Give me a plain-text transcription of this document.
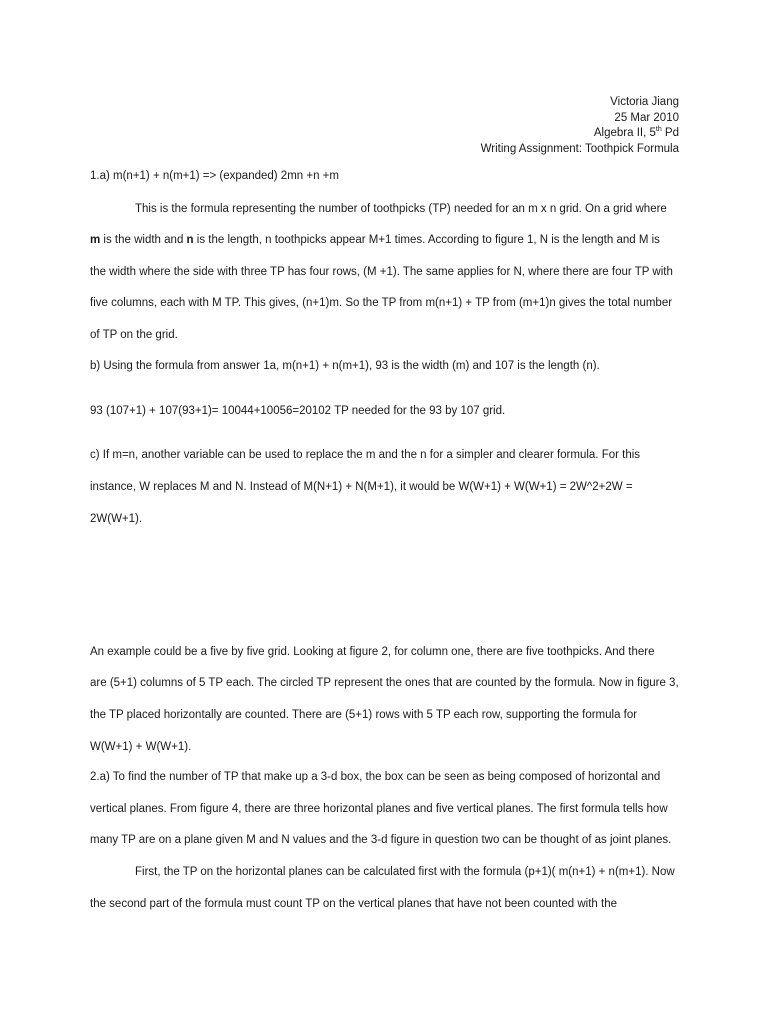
Victoria Jiang
25 Mar 2010
Algebra II, 5th Pd
Writing Assignment: Toothpick Formula
1.a) m(n+1) + n(m+1) => (expanded) 2mn +n +m
This is the formula representing the number of toothpicks (TP) needed for an m x n grid. On a grid where
m is the width and n is the length, n toothpicks appear M+1 times. According to figure 1, N is the length and M is
the width where the side with three TP has four rows, (M +1). The same applies for N, where there are four TP with
five columns, each with M TP. This gives, (n+1)m. So the TP from m(n+1) + TP from (m+1)n gives the total number
of TP on the grid.
b) Using the formula from answer 1a, m(n+1) + n(m+1), 93 is the width (m) and 107 is the length (n).
93 (107+1) + 107(93+1)= 10044+10056=20102 TP needed for the 93 by 107 grid.
c) If m=n, another variable can be used to replace the m and the n for a simpler and clearer formula. For this
instance, W replaces M and N. Instead of M(N+1) + N(M+1), it would be W(W+1) + W(W+1) = 2W^2+2W =
2W(W+1).
An example could be a five by five grid. Looking at figure 2, for column one, there are five toothpicks. And there
are (5+1) columns of 5 TP each. The circled TP represent the ones that are counted by the formula. Now in figure 3,
the TP placed horizontally are counted. There are (5+1) rows with 5 TP each row, supporting the formula for
W(W+1) + W(W+1).
2.a) To find the number of TP that make up a 3-d box, the box can be seen as being composed of horizontal and
vertical planes. From figure 4, there are three horizontal planes and five vertical planes. The first formula tells how
many TP are on a plane given M and N values and the 3-d figure in question two can be thought of as joint planes.
First, the TP on the horizontal planes can be calculated first with the formula (p+1)( m(n+1) + n(m+1). Now
the second part of the formula must count TP on the vertical planes that have not been counted with the
